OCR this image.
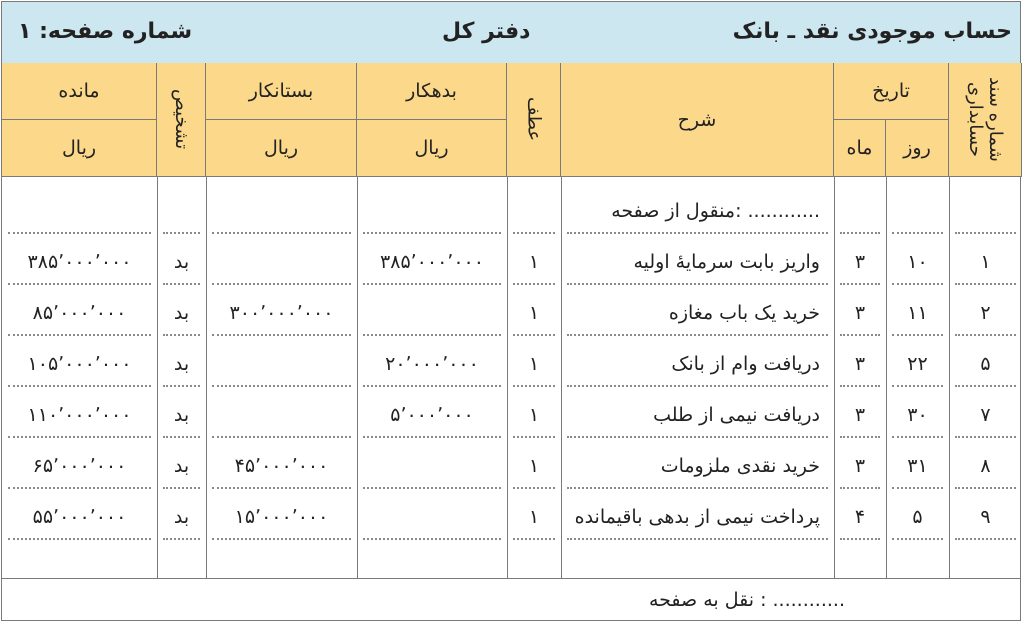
حساب موجودی نقد ـ بانک
دفتر کل
شماره صفحه: ۱
شماره سند حسابداری
تاریخ
روز
ماه
شرح
عطف
بدهکار
ریال
بستانکار
ریال
تشخیص
مانده
ریال
منقول از صفحه: ............
۱
۱۰
۳
واریز بابت سرمایهٔ اولیه
۱
۳۸۵٬۰۰۰٬۰۰۰
بد
۳۸۵٬۰۰۰٬۰۰۰
۲
۱۱
۳
خرید یک باب مغازه
۱
۳۰۰٬۰۰۰٬۰۰۰
بد
۸۵٬۰۰۰٬۰۰۰
۵
۲۲
۳
دریافت وام از بانک
۱
۲۰٬۰۰۰٬۰۰۰
بد
۱۰۵٬۰۰۰٬۰۰۰
۷
۳۰
۳
دریافت نیمی از طلب
۱
۵٬۰۰۰٬۰۰۰
بد
۱۱۰٬۰۰۰٬۰۰۰
۸
۳۱
۳
خرید نقدی ملزومات
۱
۴۵٬۰۰۰٬۰۰۰
بد
۶۵٬۰۰۰٬۰۰۰
۹
۵
۴
پرداخت نیمی از بدهی باقیمانده
۱
۱۵٬۰۰۰٬۰۰۰
بد
۵۵٬۰۰۰٬۰۰۰
نقل به صفحه : ............
